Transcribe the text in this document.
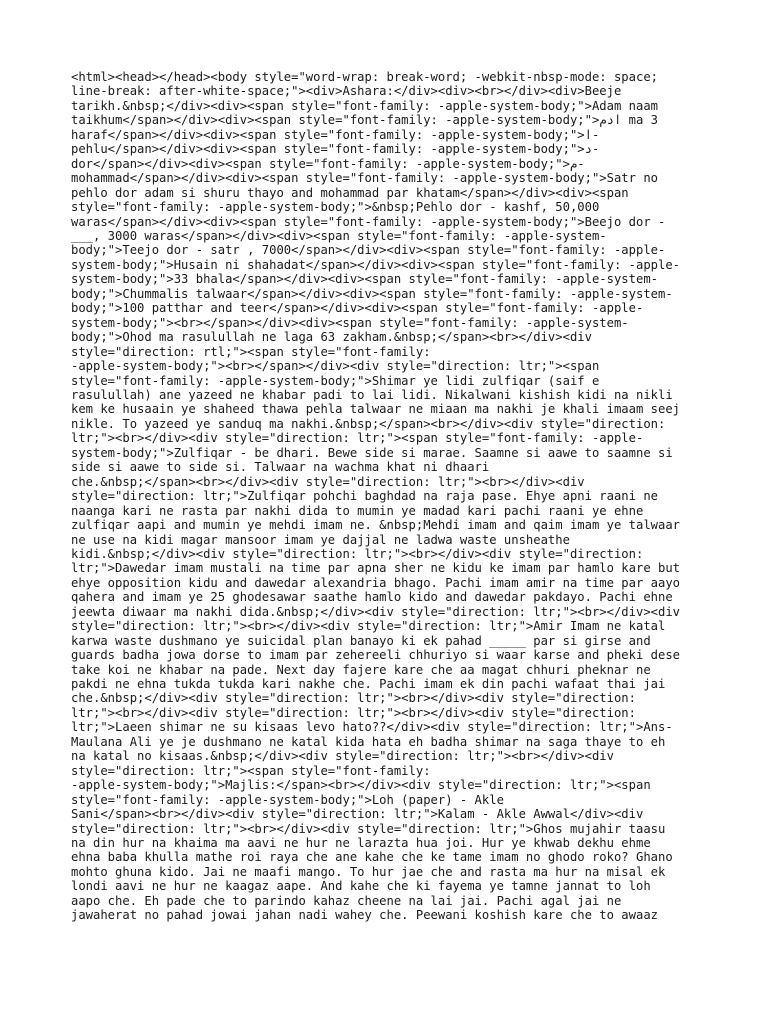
<html><head></head><body style="word-wrap: break-word; -webkit-nbsp-mode: space;
line-break: after-white-space;"><div>Ashara:</div><div><br></div><div>Beeje
tarikh.&nbsp;</div><div><span style="font-family: -apple-system-body;">Adam naam
taikhum</span></div><div><span style="font-family: -apple-system-body;">ادم ma 3
haraf</span></div><div><span style="font-family: -apple-system-body;">ا-
pehlu</span></div><div><span style="font-family: -apple-system-body;">د-
dor</span></div><div><span style="font-family: -apple-system-body;">م-
mohammad</span></div><div><span style="font-family: -apple-system-body;">Satr no
pehlo dor adam si shuru thayo and mohammad par khatam</span></div><div><span
style="font-family: -apple-system-body;">&nbsp;Pehlo dor - kashf, 50,000
waras</span></div><div><span style="font-family: -apple-system-body;">Beejo dor -
___, 3000 waras</span></div><div><span style="font-family: -apple-system-
body;">Teejo dor - satr , 7000</span></div><div><span style="font-family: -apple-
system-body;">Husain ni shahadat</span></div><div><span style="font-family: -apple-
system-body;">33 bhala</span></div><div><span style="font-family: -apple-system-
body;">Chummalis talwaar</span></div><div><span style="font-family: -apple-system-
body;">100 patthar and teer</span></div><div><span style="font-family: -apple-
system-body;"><br></span></div><div><span style="font-family: -apple-system-
body;">Ohod ma rasulullah ne laga 63 zakham.&nbsp;</span><br></div><div
style="direction: rtl;"><span style="font-family:
-apple-system-body;"><br></span></div><div style="direction: ltr;"><span
style="font-family: -apple-system-body;">Shimar ye lidi zulfiqar (saif e
rasulullah) ane yazeed ne khabar padi to lai lidi. Nikalwani kishish kidi na nikli
kem ke husaain ye shaheed thawa pehla talwaar ne miaan ma nakhi je khali imaam seej
nikle. To yazeed ye sanduq ma nakhi.&nbsp;</span><br></div><div style="direction:
ltr;"><br></div><div style="direction: ltr;"><span style="font-family: -apple-
system-body;">Zulfiqar - be dhari. Bewe side si marae. Saamne si aawe to saamne si
side si aawe to side si. Talwaar na wachma khat ni dhaari
che.&nbsp;</span><br></div><div style="direction: ltr;"><br></div><div
style="direction: ltr;">Zulfiqar pohchi baghdad na raja pase. Ehye apni raani ne
naanga kari ne rasta par nakhi dida to mumin ye madad kari pachi raani ye ehne
zulfiqar aapi and mumin ye mehdi imam ne. &nbsp;Mehdi imam and qaim imam ye talwaar
ne use na kidi magar mansoor imam ye dajjal ne ladwa waste unsheathe
kidi.&nbsp;</div><div style="direction: ltr;"><br></div><div style="direction:
ltr;">Dawedar imam mustali na time par apna sher ne kidu ke imam par hamlo kare but
ehye opposition kidu and dawedar alexandria bhago. Pachi imam amir na time par aayo
qahera and imam ye 25 ghodesawar saathe hamlo kido and dawedar pakdayo. Pachi ehne
jeewta diwaar ma nakhi dida.&nbsp;</div><div style="direction: ltr;"><br></div><div
style="direction: ltr;"><br></div><div style="direction: ltr;">Amir Imam ne katal
karwa waste dushmano ye suicidal plan banayo ki ek pahad _____ par si girse and
guards badha jowa dorse to imam par zehereeli chhuriyo si waar karse and pheki dese
take koi ne khabar na pade. Next day fajere kare che aa magat chhuri pheknar ne
pakdi ne ehna tukda tukda kari nakhe che. Pachi imam ek din pachi wafaat thai jai
che.&nbsp;</div><div style="direction: ltr;"><br></div><div style="direction:
ltr;"><br></div><div style="direction: ltr;"><br></div><div style="direction:
ltr;">Laeen shimar ne su kisaas levo hato??</div><div style="direction: ltr;">Ans-
Maulana Ali ye je dushmano ne katal kida hata eh badha shimar na saga thaye to eh
na katal no kisaas.&nbsp;</div><div style="direction: ltr;"><br></div><div
style="direction: ltr;"><span style="font-family:
-apple-system-body;">Majlis:</span><br></div><div style="direction: ltr;"><span
style="font-family: -apple-system-body;">Loh (paper) - Akle
Sani</span><br></div><div style="direction: ltr;">Kalam - Akle Awwal</div><div
style="direction: ltr;"><br></div><div style="direction: ltr;">Ghos mujahir taasu
na din hur na khaima ma aavi ne hur ne larazta hua joi. Hur ye khwab dekhu ehme
ehna baba khulla mathe roi raya che ane kahe che ke tame imam no ghodo roko? Ghano
mohto ghuna kido. Jai ne maafi mango. To hur jae che and rasta ma hur na misal ek
londi aavi ne hur ne kaagaz aape. And kahe che ki fayema ye tamne jannat to loh
aapo che. Eh pade che to parindo kahaz cheene na lai jai. Pachi agal jai ne
jawaherat no pahad jowai jahan nadi wahey che. Peewani koshish kare che to awaaz
